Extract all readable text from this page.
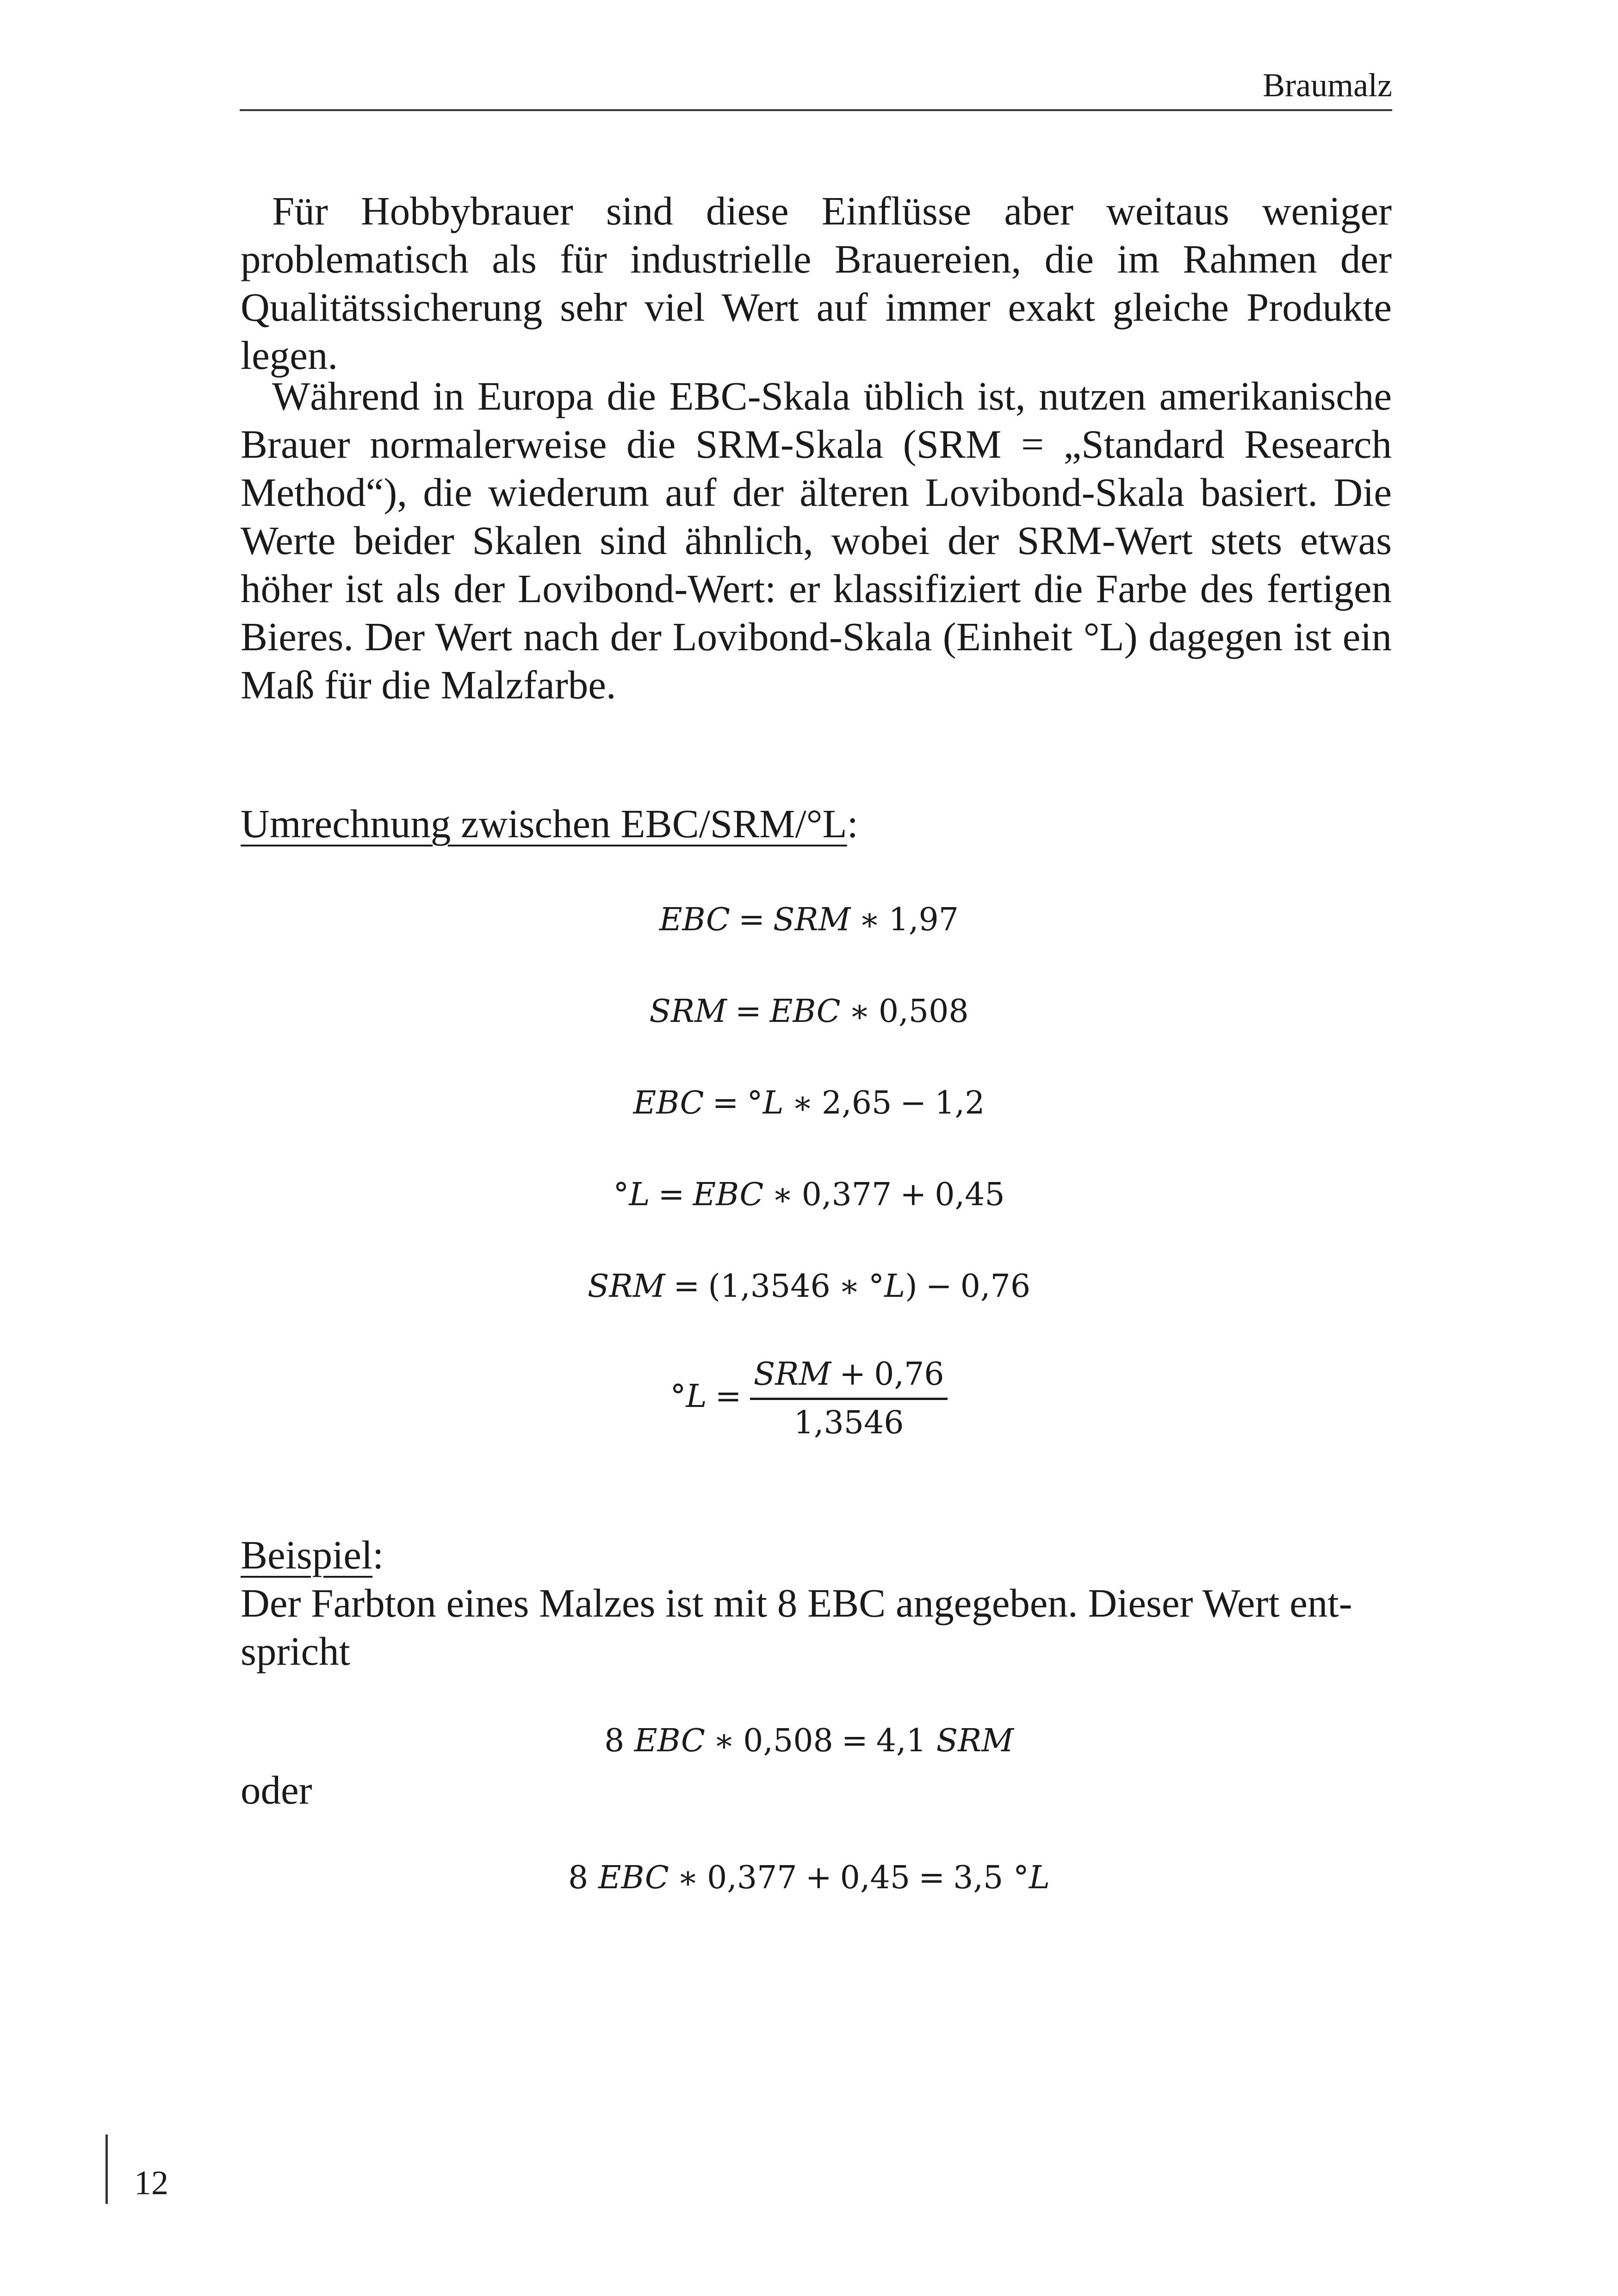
Braumalz

Für Hobbybrauer sind diese Einflüsse aber weitaus weniger problematisch als für industrielle Brauereien, die im Rahmen der Qualitätssicherung sehr viel Wert auf immer exakt gleiche Produkte legen.

Während in Europa die EBC-Skala üblich ist, nutzen amerikanische Brauer normalerweise die SRM-Skala (SRM = „Standard Research Method“), die wiederum auf der älteren Lovibond-Skala basiert. Die Werte beider Skalen sind ähnlich, wobei der SRM-Wert stets etwas höher ist als der Lovibond-Wert: er klassifiziert die Farbe des fertigen Bieres. Der Wert nach der Lovibond-Skala (Einheit °L) dagegen ist ein Maß für die Malzfarbe.

Umrechnung zwischen EBC/SRM/°L:

EBC = SRM ∗ 1,97
SRM = EBC ∗ 0,508
EBC = °L ∗ 2,65 − 1,2
°L = EBC ∗ 0,377 + 0,45
SRM = (1,3546 ∗ °L) − 0,76
$^\circ L = \frac{\text{SRM + 0,76}}{1,3546}$

Beispiel:

Der Farbton eines Malzes ist mit 8 EBC angegeben. Dieser Wert ent-

spricht

8 EBC ∗ 0,508 = 4,1 SRM

oder

8 EBC ∗ 0,377 + 0,45 = 3,5 °L
12
